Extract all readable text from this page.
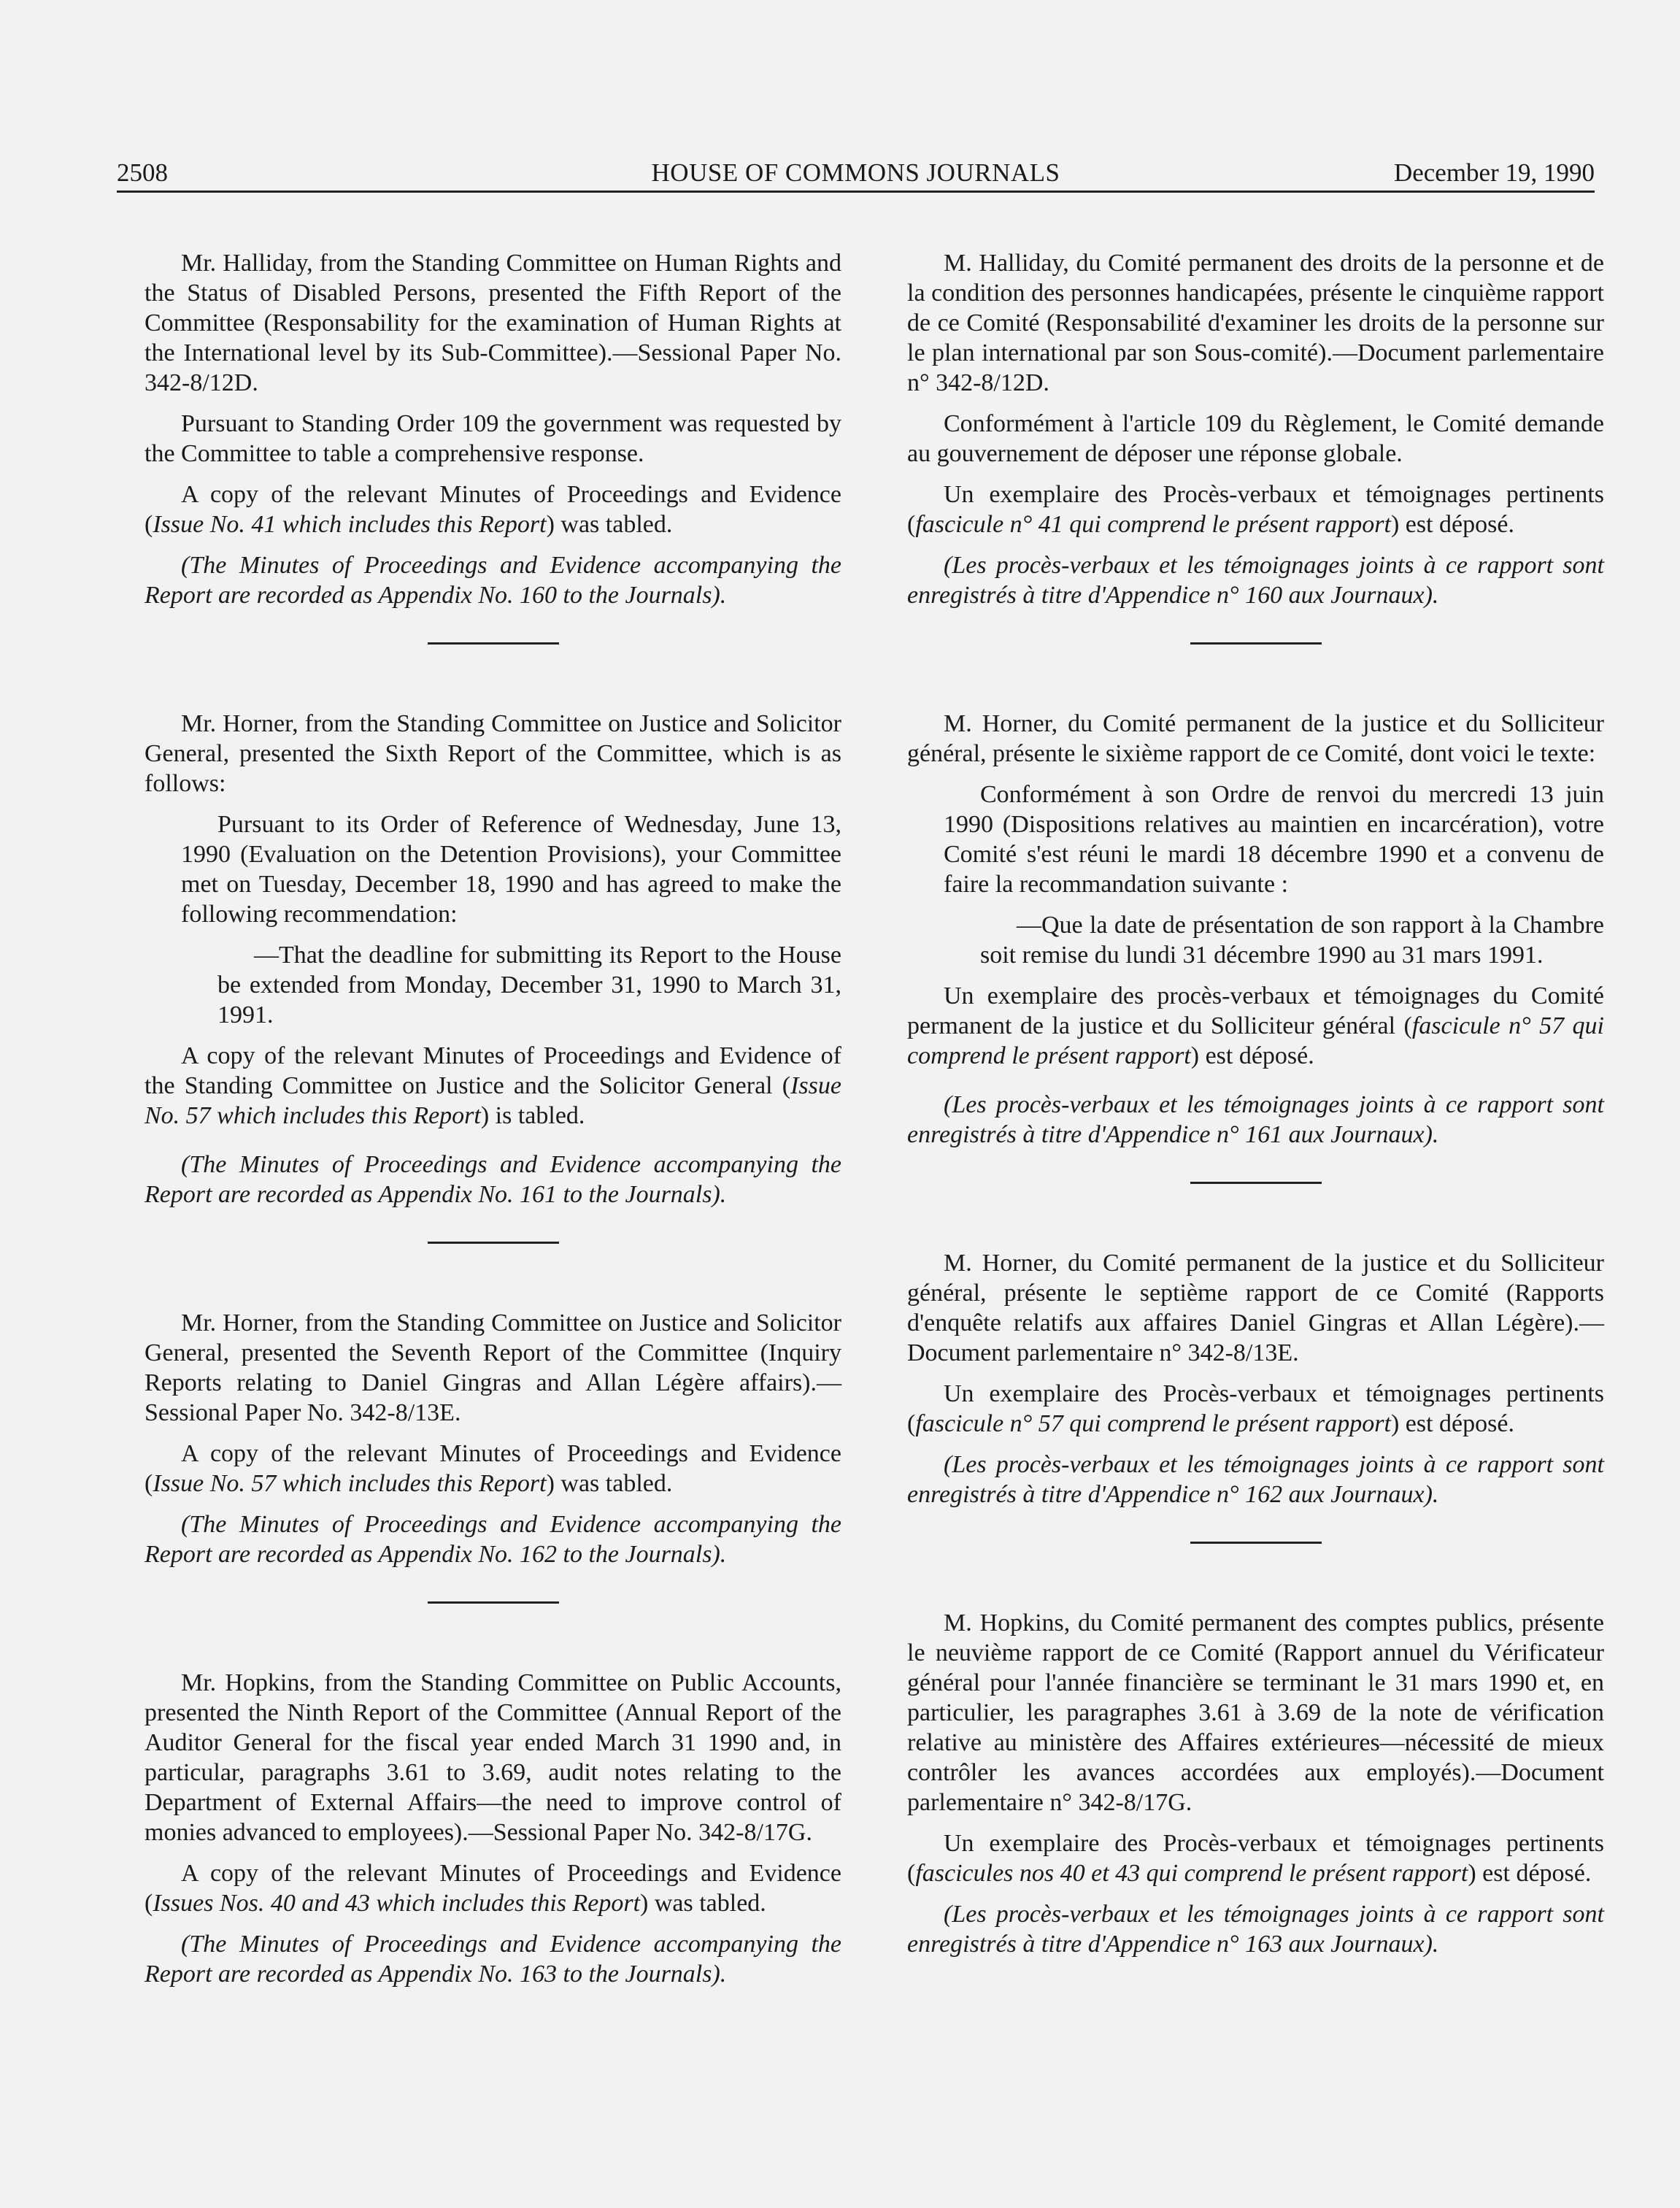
2508	HOUSE OF COMMONS JOURNALS	December 19, 1990

Mr. Halliday, from the Standing Committee on Human Rights and the Status of Disabled Persons, presented the Fifth Report of the Committee (Responsability for the examination of Human Rights at the International level by its Sub-Committee).—Sessional Paper No. 342-8/12D.

Pursuant to Standing Order 109 the government was requested by the Committee to table a comprehensive response.

A copy of the relevant Minutes of Proceedings and Evidence (Issue No. 41 which includes this Report) was tabled.

(The Minutes of Proceedings and Evidence accompanying the Report are recorded as Appendix No. 160 to the Journals).

Mr. Horner, from the Standing Committee on Justice and Solicitor General, presented the Sixth Report of the Committee, which is as follows:

Pursuant to its Order of Reference of Wednesday, June 13, 1990 (Evaluation on the Detention Provisions), your Committee met on Tuesday, December 18, 1990 and has agreed to make the following recommendation:

—That the deadline for submitting its Report to the House be extended from Monday, December 31, 1990 to March 31, 1991.

A copy of the relevant Minutes of Proceedings and Evidence of the Standing Committee on Justice and the Solicitor General (Issue No. 57 which includes this Report) is tabled.

(The Minutes of Proceedings and Evidence accompanying the Report are recorded as Appendix No. 161 to the Journals).

Mr. Horner, from the Standing Committee on Justice and Solicitor General, presented the Seventh Report of the Committee (Inquiry Reports relating to Daniel Gingras and Allan Légère affairs).—Sessional Paper No. 342-8/13E.

A copy of the relevant Minutes of Proceedings and Evidence (Issue No. 57 which includes this Report) was tabled.

(The Minutes of Proceedings and Evidence accompanying the Report are recorded as Appendix No. 162 to the Journals).

Mr. Hopkins, from the Standing Committee on Public Accounts, presented the Ninth Report of the Committee (Annual Report of the Auditor General for the fiscal year ended March 31 1990 and, in particular, paragraphs 3.61 to 3.69, audit notes relating to the Department of External Affairs—the need to improve control of monies advanced to employees).—Sessional Paper No. 342-8/17G.

A copy of the relevant Minutes of Proceedings and Evidence (Issues Nos. 40 and 43 which includes this Report) was tabled.

(The Minutes of Proceedings and Evidence accompanying the Report are recorded as Appendix No. 163 to the Journals).

M. Halliday, du Comité permanent des droits de la personne et de la condition des personnes handicapées, présente le cinquième rapport de ce Comité (Responsabilité d'examiner les droits de la personne sur le plan international par son Sous-comité).—Document parlementaire n° 342-8/12D.

Conformément à l'article 109 du Règlement, le Comité demande au gouvernement de déposer une réponse globale.

Un exemplaire des Procès-verbaux et témoignages pertinents (fascicule n° 41 qui comprend le présent rapport) est déposé.

(Les procès-verbaux et les témoignages joints à ce rapport sont enregistrés à titre d'Appendice n° 160 aux Journaux).

M. Horner, du Comité permanent de la justice et du Solliciteur général, présente le sixième rapport de ce Comité, dont voici le texte:

Conformément à son Ordre de renvoi du mercredi 13 juin 1990 (Dispositions relatives au maintien en incarcération), votre Comité s'est réuni le mardi 18 décembre 1990 et a convenu de faire la recommandation suivante :

—Que la date de présentation de son rapport à la Chambre soit remise du lundi 31 décembre 1990 au 31 mars 1991.

Un exemplaire des procès-verbaux et témoignages du Comité permanent de la justice et du Solliciteur général (fascicule n° 57 qui comprend le présent rapport) est déposé.

(Les procès-verbaux et les témoignages joints à ce rapport sont enregistrés à titre d'Appendice n° 161 aux Journaux).

M. Horner, du Comité permanent de la justice et du Solliciteur général, présente le septième rapport de ce Comité (Rapports d'enquête relatifs aux affaires Daniel Gingras et Allan Légère).—Document parlementaire n° 342-8/13E.

Un exemplaire des Procès-verbaux et témoignages pertinents (fascicule n° 57 qui comprend le présent rapport) est déposé.

(Les procès-verbaux et les témoignages joints à ce rapport sont enregistrés à titre d'Appendice n° 162 aux Journaux).

M. Hopkins, du Comité permanent des comptes publics, présente le neuvième rapport de ce Comité (Rapport annuel du Vérificateur général pour l'année financière se terminant le 31 mars 1990 et, en particulier, les paragraphes 3.61 à 3.69 de la note de vérification relative au ministère des Affaires extérieures—nécessité de mieux contrôler les avances accordées aux employés).—Document parlementaire n° 342-8/17G.

Un exemplaire des Procès-verbaux et témoignages pertinents (fascicules nos 40 et 43 qui comprend le présent rapport) est déposé.

(Les procès-verbaux et les témoignages joints à ce rapport sont enregistrés à titre d'Appendice n° 163 aux Journaux).
